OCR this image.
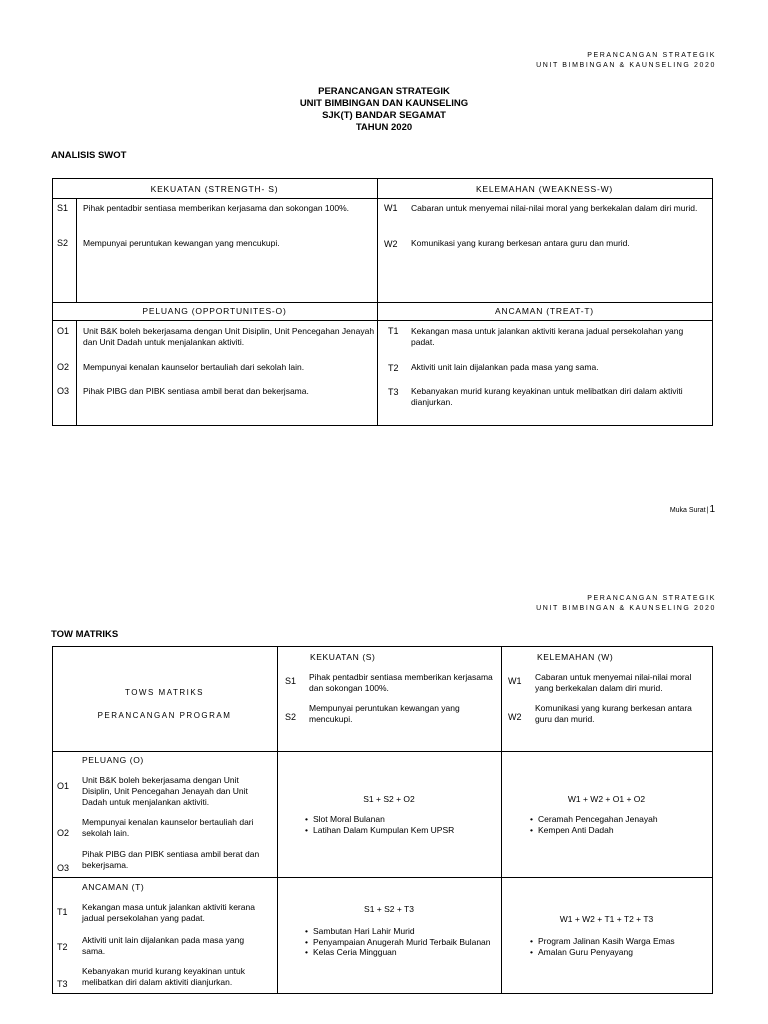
PERANCANGAN STRATEGIK
UNIT BIMBINGAN & KAUNSELING 2020
PERANCANGAN STRATEGIK
UNIT BIMBINGAN DAN KAUNSELING
SJK(T) BANDAR SEGAMAT
TAHUN 2020
ANALISIS SWOT
KEKUATAN (STRENGTH- S)	KELEMAHAN (WEAKNESS-W)
S1 Pihak pentadbir sentiasa memberikan kerjasama dan sokongan 100%.
S2 Mempunyai peruntukan kewangan yang mencukupi.
W1 Cabaran untuk menyemai nilai-nilai moral yang berkekalan dalam diri murid.
W2 Komunikasi yang kurang berkesan antara guru dan murid.
PELUANG (OPPORTUNITES-O)	ANCAMAN (TREAT-T)
O1 Unit B&K boleh bekerjasama dengan Unit Disiplin, Unit Pencegahan Jenayah dan Unit Dadah untuk menjalankan aktiviti.
O2 Mempunyai kenalan kaunselor bertauliah dari sekolah lain.
O3 Pihak PIBG dan PIBK sentiasa ambil berat dan bekerjsama.
T1 Kekangan masa untuk jalankan aktiviti kerana jadual persekolahan yang padat.
T2 Aktiviti unit lain dijalankan pada masa yang sama.
T3 Kebanyakan murid kurang keyakinan untuk melibatkan diri dalam aktiviti dianjurkan.
Muka Surat|1
PERANCANGAN STRATEGIK
UNIT BIMBINGAN & KAUNSELING 2020
TOW MATRIKS
TOWS MATRIKS
PERANCANGAN PROGRAM
KEKUATAN (S)
S1 Pihak pentadbir sentiasa memberikan kerjasama dan sokongan 100%.
S2
Mempunyai peruntukan kewangan yang mencukupi.
KELEMAHAN (W)
W1 Cabaran untuk menyemai nilai-nilai moral yang berkekalan dalam diri murid.
W2
Komunikasi yang kurang berkesan antara guru dan murid.
PELUANG (O)
O1
Unit B&K boleh bekerjasama dengan Unit Disiplin, Unit Pencegahan Jenayah dan Unit Dadah untuk menjalankan aktiviti.
O2
Mempunyai kenalan kaunselor bertauliah dari sekolah lain.
O3
Pihak PIBG dan PIBK sentiasa ambil berat dan bekerjsama.
S1 + S2 + O2
• Slot Moral Bulanan
• Latihan Dalam Kumpulan Kem UPSR
W1 + W2 + O1 + O2
• Ceramah Pencegahan Jenayah
• Kempen Anti Dadah
ANCAMAN (T)
T1 Kekangan masa untuk jalankan aktiviti kerana jadual persekolahan yang padat.
T2
Aktiviti unit lain dijalankan pada masa yang sama.
T3
Kebanyakan murid kurang keyakinan untuk melibatkan diri dalam aktiviti dianjurkan.
S1 + S2 + T3
• Sambutan Hari Lahir Murid
• Penyampaian Anugerah Murid Terbaik Bulanan
• Kelas Ceria Mingguan
W1 + W2 + T1 + T2 + T3
• Program Jalinan Kasih Warga Emas
• Amalan Guru Penyayang
